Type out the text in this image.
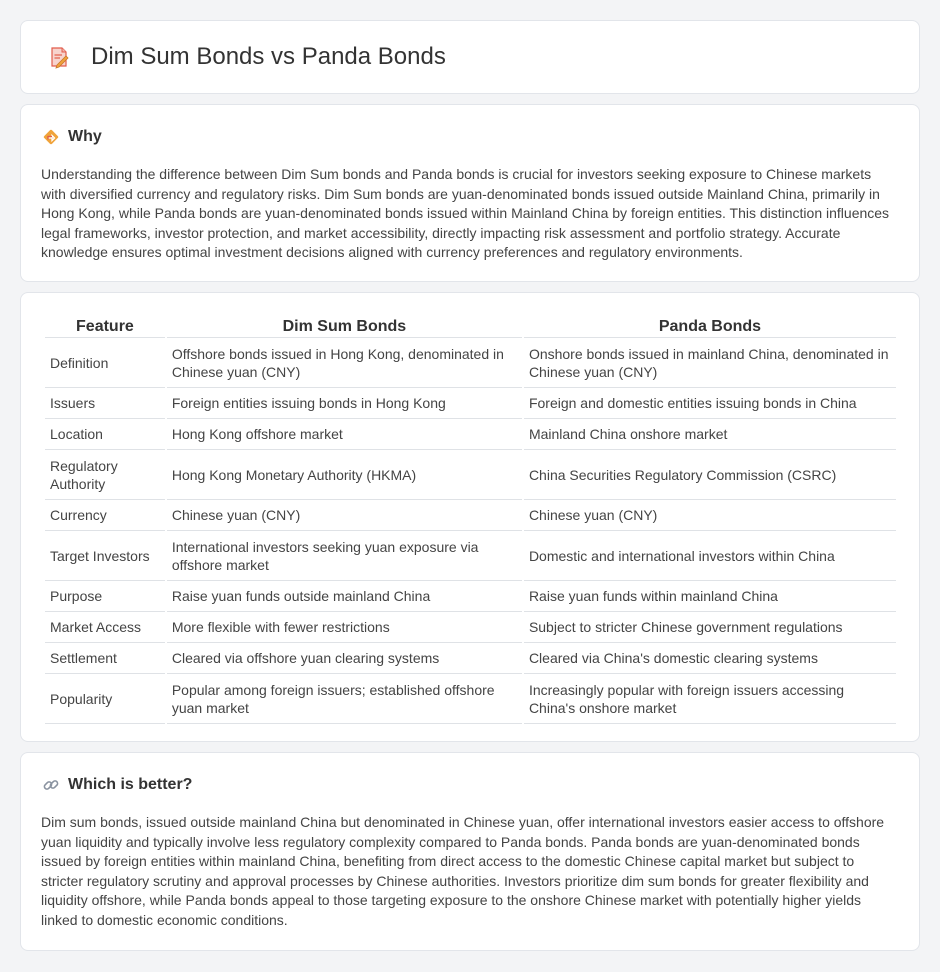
Dim Sum Bonds vs Panda Bonds
Why

Understanding the difference between Dim Sum bonds and Panda bonds is crucial for investors seeking exposure to Chinese markets with diversified currency and regulatory risks. Dim Sum bonds are yuan-denominated bonds issued outside Mainland China, primarily in Hong Kong, while Panda bonds are yuan-denominated bonds issued within Mainland China by foreign entities. This distinction influences legal frameworks, investor protection, and market accessibility, directly impacting risk assessment and portfolio strategy. Accurate knowledge ensures optimal investment decisions aligned with currency preferences and regulatory environments.

Feature	Dim Sum Bonds	Panda Bonds
Definition	Offshore bonds issued in Hong Kong, denominated in Chinese yuan (CNY)	Onshore bonds issued in mainland China, denominated in Chinese yuan (CNY)
Issuers	Foreign entities issuing bonds in Hong Kong	Foreign and domestic entities issuing bonds in China
Location	Hong Kong offshore market	Mainland China onshore market
Regulatory Authority	Hong Kong Monetary Authority (HKMA)	China Securities Regulatory Commission (CSRC)
Currency	Chinese yuan (CNY)	Chinese yuan (CNY)
Target Investors	International investors seeking yuan exposure via offshore market	Domestic and international investors within China
Purpose	Raise yuan funds outside mainland China	Raise yuan funds within mainland China
Market Access	More flexible with fewer restrictions	Subject to stricter Chinese government regulations
Settlement	Cleared via offshore yuan clearing systems	Cleared via China's domestic clearing systems
Popularity	Popular among foreign issuers; established offshore yuan market	Increasingly popular with foreign issuers accessing China's onshore market
Which is better?

Dim sum bonds, issued outside mainland China but denominated in Chinese yuan, offer international investors easier access to offshore yuan liquidity and typically involve less regulatory complexity compared to Panda bonds. Panda bonds are yuan-denominated bonds issued by foreign entities within mainland China, benefiting from direct access to the domestic Chinese capital market but subject to stricter regulatory scrutiny and approval processes by Chinese authorities. Investors prioritize dim sum bonds for greater flexibility and liquidity offshore, while Panda bonds appeal to those targeting exposure to the onshore Chinese market with potentially higher yields linked to domestic economic conditions.
